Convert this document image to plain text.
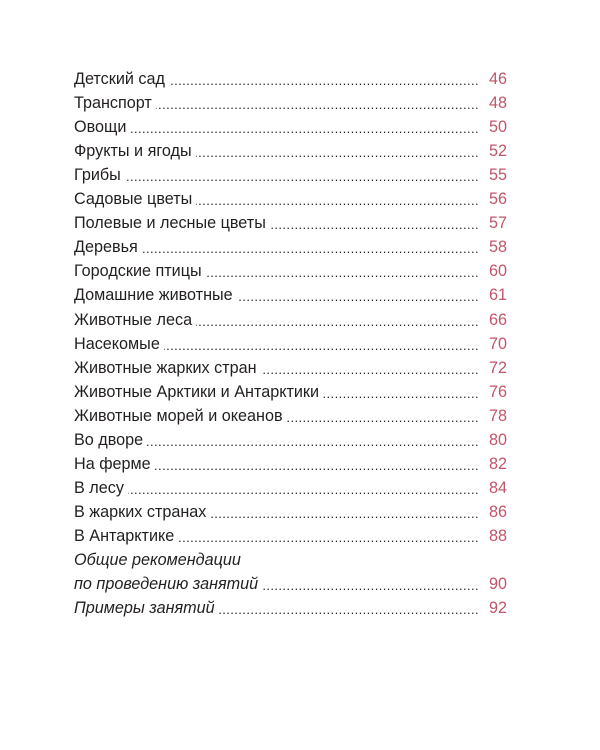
Детский сад .....	46
Транспорт .....	48
Овощи .....	50
Фрукты и ягоды .....	52
Грибы .....	55
Садовые цветы .....	56
Полевые и лесные цветы .....	57
Деревья .....	58
Городские птицы .....	60
Домашние животные .....	61
Животные леса .....	66
Насекомые .....	70
Животные жарких стран .....	72
Животные Арктики и Антарктики .....	76
Животные морей и океанов .....	78
Во дворе .....	80
На ферме .....	82
В лесу .....	84
В жарких странах .....	86
В Антарктике .....	88
Общие рекомендации
по проведению занятий .....	90
Примеры занятий .....	92
